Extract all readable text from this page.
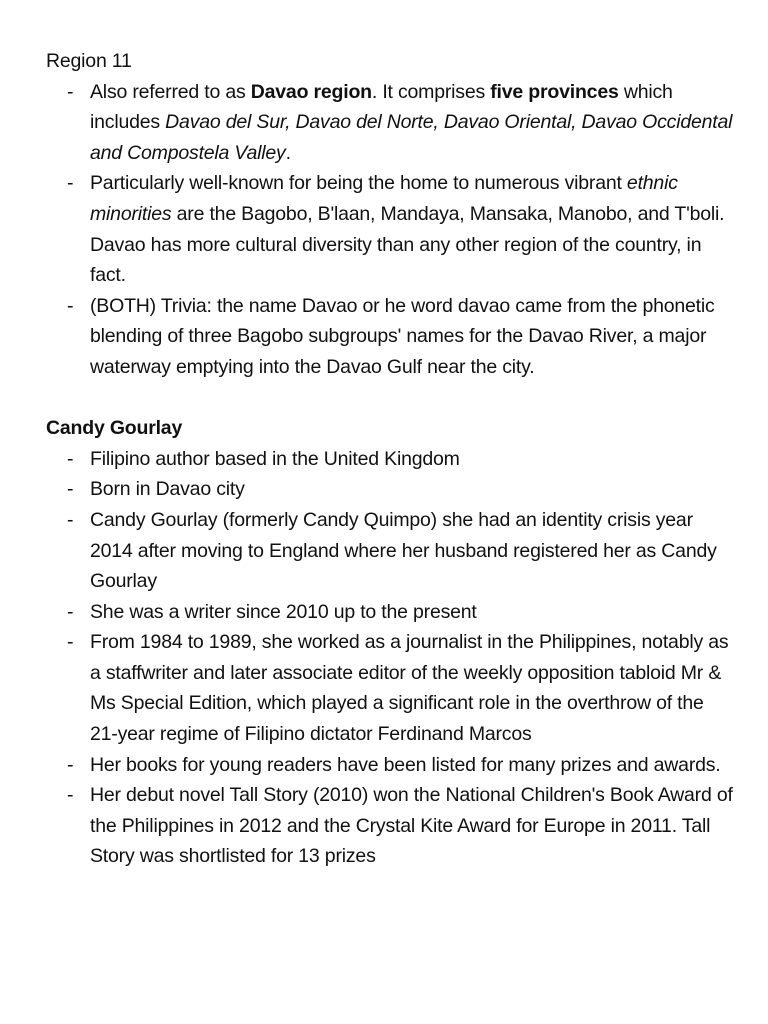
Region 11

- Also referred to as Davao region. It comprises five provinces which includes Davao del Sur, Davao del Norte, Davao Oriental, Davao Occidental and Compostela Valley.
- Particularly well-known for being the home to numerous vibrant ethnic minorities are the Bagobo, B'laan, Mandaya, Mansaka, Manobo, and T'boli. Davao has more cultural diversity than any other region of the country, in fact.
- (BOTH) Trivia: the name Davao or he word davao came from the phonetic blending of three Bagobo subgroups' names for the Davao River, a major waterway emptying into the Davao Gulf near the city.

Candy Gourlay

- Filipino author based in the United Kingdom
- Born in Davao city
- Candy Gourlay (formerly Candy Quimpo) she had an identity crisis year 2014 after moving to England where her husband registered her as Candy Gourlay
- She was a writer since 2010 up to the present
- From 1984 to 1989, she worked as a journalist in the Philippines, notably as a staffwriter and later associate editor of the weekly opposition tabloid Mr & Ms Special Edition, which played a significant role in the overthrow of the 21-year regime of Filipino dictator Ferdinand Marcos
- Her books for young readers have been listed for many prizes and awards.
- Her debut novel Tall Story (2010) won the National Children's Book Award of the Philippines in 2012 and the Crystal Kite Award for Europe in 2011. Tall Story was shortlisted for 13 prizes
